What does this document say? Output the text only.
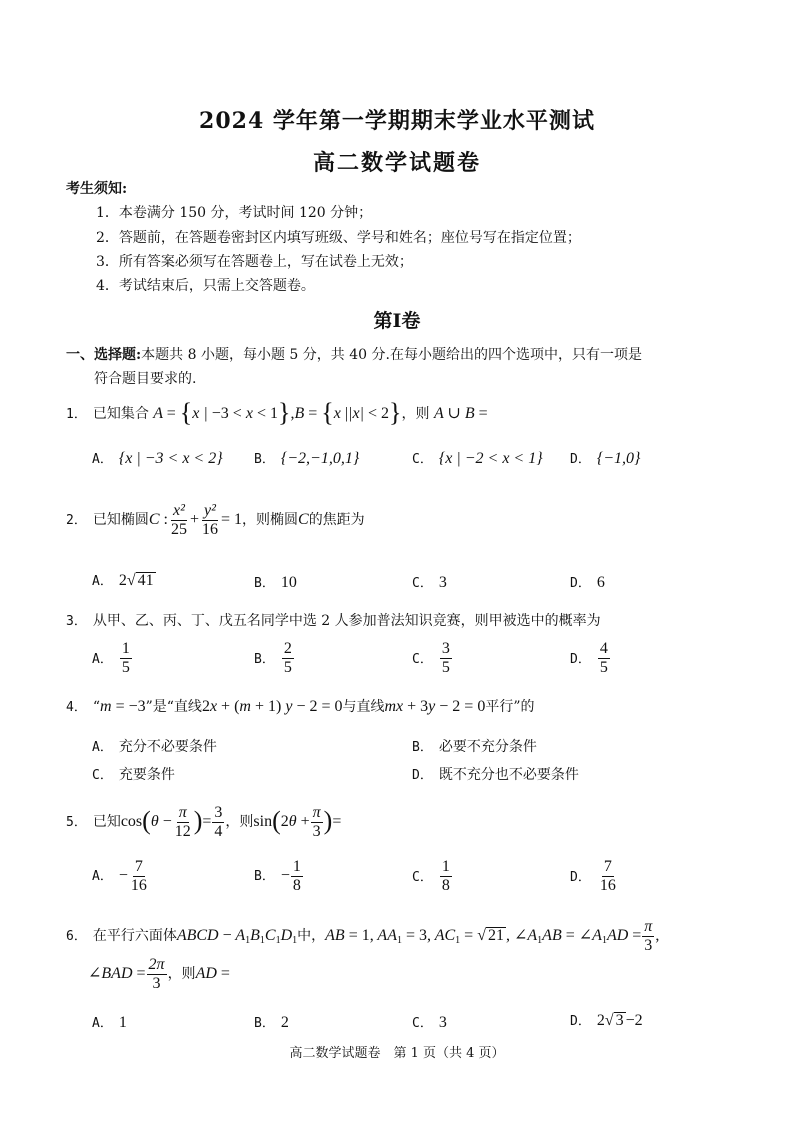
2024 学年第一学期期末学业水平测试
高二数学试题卷
考生须知:
1．本卷满分 150 分，考试时间 120 分钟；
2．答题前，在答题卷密封区内填写班级、学号和姓名；座位号写在指定位置；
3．所有答案必须写在答题卷上，写在试卷上无效；
4．考试结束后，只需上交答题卷。
第Ⅰ卷
一、选择题:本题共 8 小题，每小题 5 分，共 40 分.在每小题给出的四个选项中，只有一项是
符合题目要求的.
1． 已知集合 A = {x | −3 < x < 1},B = {x ||x| < 2}，则 A ∪ B =
A． {x | −3 < x < 2} B． {−2,−1,0,1}	C． {x | −2 < x < 1} D． {−1,0}
2． 已知椭圆C : $\frac{\text{x²}}{25} + \frac{\text{y²}}{16} = 1$，则椭圆C的焦距为
A． 2√ 41	B． 10	C． 3	D． 6
3． 从甲、乙、丙、丁、戊五名同学中选 2 人参加普法知识竞赛，则甲被选中的概率为
A． $\frac{1}{5}$	B． $\frac{2}{5}$	C． $\frac{3}{5}$	D． $\frac{4}{5}$
4． “m = −3”是“直线2x + (m + 1) y − 2 = 0与直线mx + 3y − 2 = 0平行”的
A． 充分不必要条件	B． 必要不充分条件
C． 充要条件	D． 既不充分也不必要条件
5． 已知$\cos(\theta - \frac{\pi}{12}$ )= $\frac{3}{4}$ ，则$\sin(2\theta + \frac{\pi}{3}$ )=
A． − $\frac{7}{16}$	B． − $\frac{1}{8}$	C． $\frac{1}{8}$	D． $\frac{7}{16}$
6． 在平行六面体ABCD − $A_1B_1C_1D_1$中，AB = 1, $AA_1 = 3$, $AC_1$ = √ 21 , $\angle A_1AB$ = $\angle A_1AD = \frac{\pi}{3}$ ,
∠BAD = $\frac{2\pi}{3}$ ，则AD =
A． 1	B． 2	C． 3	D． 2√ 3 −2
高二数学试题卷　第 1 页（共 4 页）
